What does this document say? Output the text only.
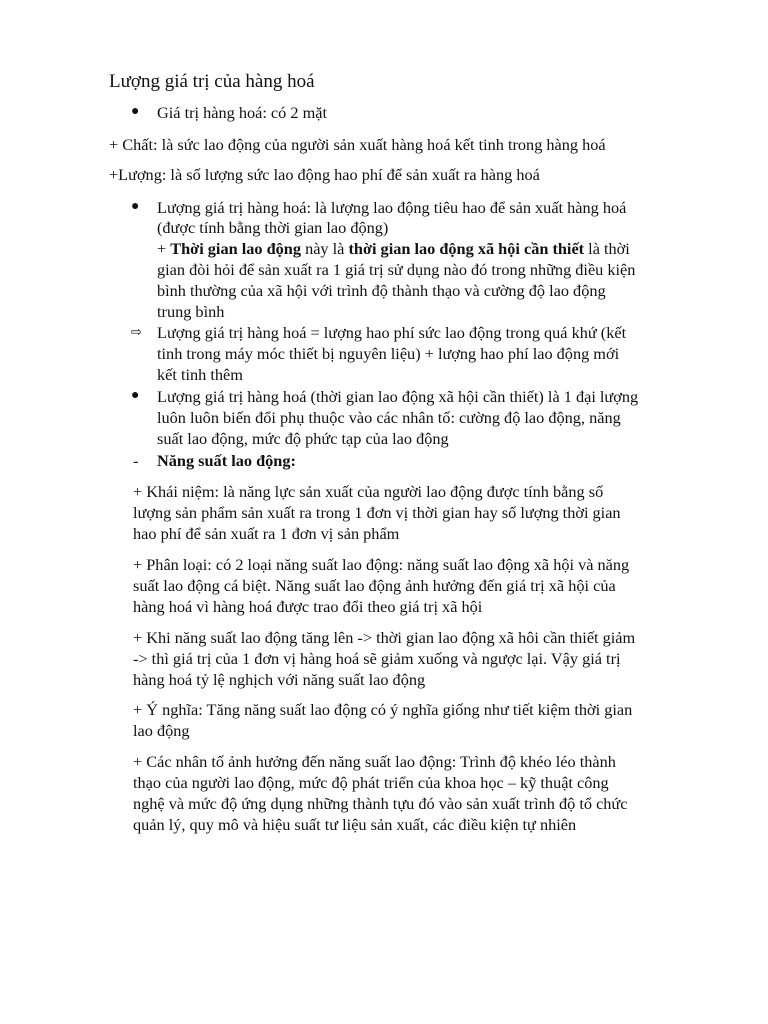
Lượng giá trị của hàng hoá
● Giá trị hàng hoá: có 2 mặt
+ Chất: là sức lao động của người sản xuất hàng hoá kết tinh trong hàng hoá
+Lượng: là số lượng sức lao động hao phí để sản xuất ra hàng hoá
● Lượng giá trị hàng hoá: là lượng lao động tiêu hao để sản xuất hàng hoá
(được tính bằng thời gian lao động)
+ Thời gian lao động này là thời gian lao động xã hội cần thiết là thời
gian đòi hỏi để sản xuất ra 1 giá trị sử dụng nào đó trong những điều kiện
bình thường của xã hội với trình độ thành thạo và cường độ lao động
trung bình
⇨ Lượng giá trị hàng hoá = lượng hao phí sức lao động trong quá khứ (kết
tinh trong máy móc thiết bị nguyên liệu) + lượng hao phí lao động mới
kết tinh thêm
● Lượng giá trị hàng hoá (thời gian lao động xã hội cần thiết) là 1 đại lượng
luôn luôn biến đổi phụ thuộc vào các nhân tố: cường độ lao động, năng
suất lao động, mức độ phức tạp của lao động
- Năng suất lao động:
+ Khái niệm: là năng lực sản xuất của người lao động được tính bằng số
lượng sản phẩm sản xuất ra trong 1 đơn vị thời gian hay số lượng thời gian
hao phí để sản xuất ra 1 đơn vị sản phẩm
+ Phân loại: có 2 loại năng suất lao động: năng suất lao động xã hội và năng
suất lao động cá biệt. Năng suất lao động ảnh hưởng đến giá trị xã hội của
hàng hoá vì hàng hoá được trao đổi theo giá trị xã hội
+ Khi năng suất lao động tăng lên -> thời gian lao động xã hôi cần thiết giảm
-> thì giá trị của 1 đơn vị hàng hoá sẽ giảm xuống và ngược lại. Vậy giá trị
hàng hoá tỷ lệ nghịch với năng suất lao động
+ Ý nghĩa: Tăng năng suất lao động có ý nghĩa giống như tiết kiệm thời gian
lao động
+ Các nhân tố ảnh hưởng đến năng suất lao động: Trình độ khéo léo thành
thạo của người lao động, mức độ phát triển của khoa học – kỹ thuật công
nghệ và mức độ ứng dụng những thành tựu đó vào sản xuất trình độ tổ chức
quản lý, quy mô và hiệu suất tư liệu sản xuất, các điều kiện tự nhiên
